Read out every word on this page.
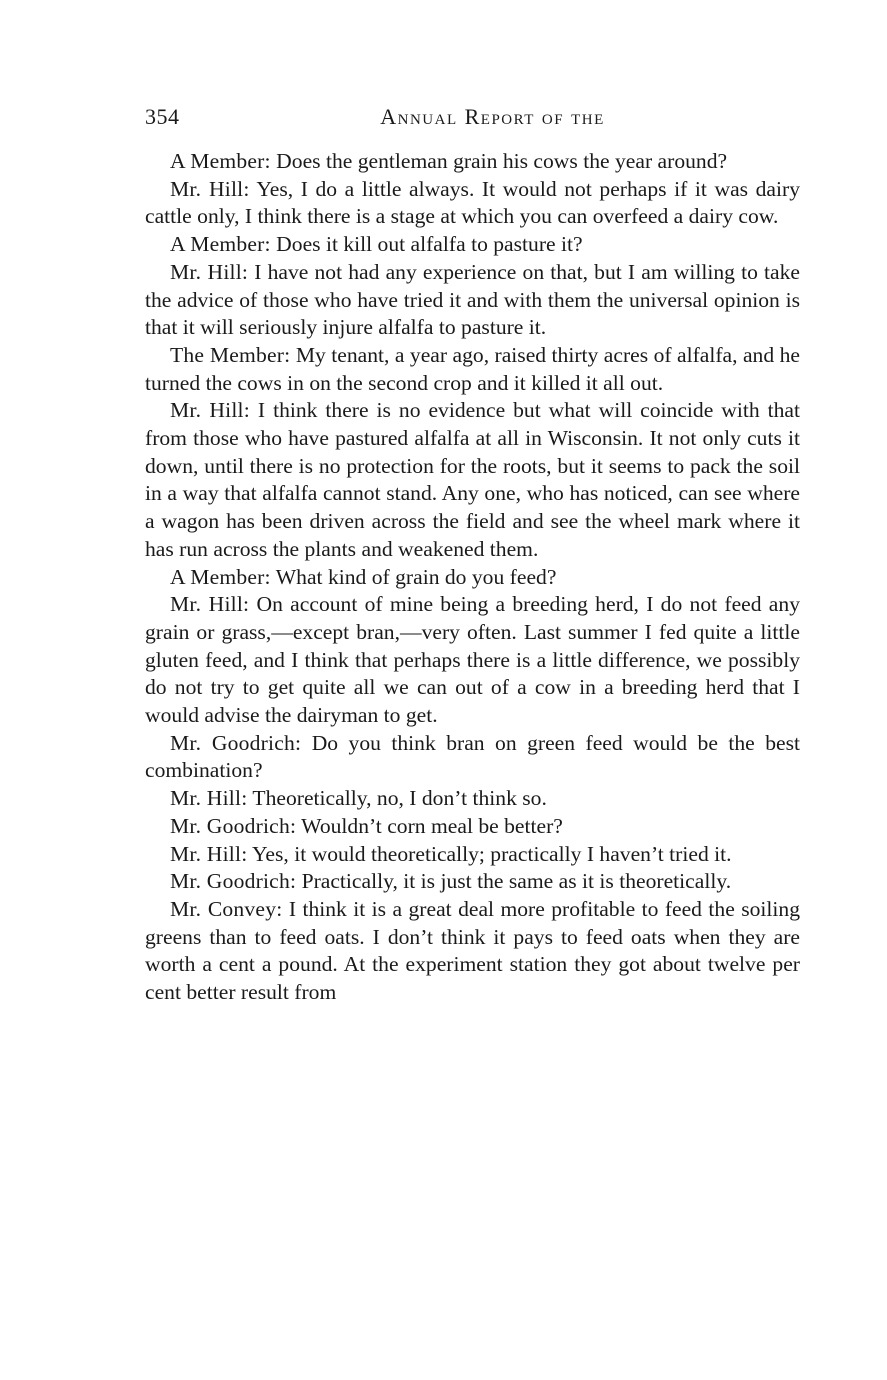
354	Annual Report of the

A Member: Does the gentleman grain his cows the year around?

Mr. Hill: Yes, I do a little always. It would not perhaps if it was dairy cattle only, I think there is a stage at which you can overfeed a dairy cow.

A Member: Does it kill out alfalfa to pasture it?

Mr. Hill: I have not had any experience on that, but I am willing to take the advice of those who have tried it and with them the universal opinion is that it will seriously injure alfalfa to pasture it.

The Member: My tenant, a year ago, raised thirty acres of alfalfa, and he turned the cows in on the second crop and it killed it all out.

Mr. Hill: I think there is no evidence but what will coincide with that from those who have pastured alfalfa at all in Wisconsin. It not only cuts it down, until there is no protection for the roots, but it seems to pack the soil in a way that alfalfa cannot stand. Any one, who has noticed, can see where a wagon has been driven across the field and see the wheel mark where it has run across the plants and weakened them.

A Member: What kind of grain do you feed?

Mr. Hill: On account of mine being a breeding herd, I do not feed any grain or grass,—except bran,—very often. Last summer I fed quite a little gluten feed, and I think that perhaps there is a little difference, we possibly do not try to get quite all we can out of a cow in a breeding herd that I would advise the dairyman to get.

Mr. Goodrich: Do you think bran on green feed would be the best combination?

Mr. Hill: Theoretically, no, I don’t think so.

Mr. Goodrich: Wouldn’t corn meal be better?

Mr. Hill: Yes, it would theoretically; practically I haven’t tried it.

Mr. Goodrich: Practically, it is just the same as it is theoretically.

Mr. Convey: I think it is a great deal more profitable to feed the soiling greens than to feed oats. I don’t think it pays to feed oats when they are worth a cent a pound. At the experiment station they got about twelve per cent better result from
